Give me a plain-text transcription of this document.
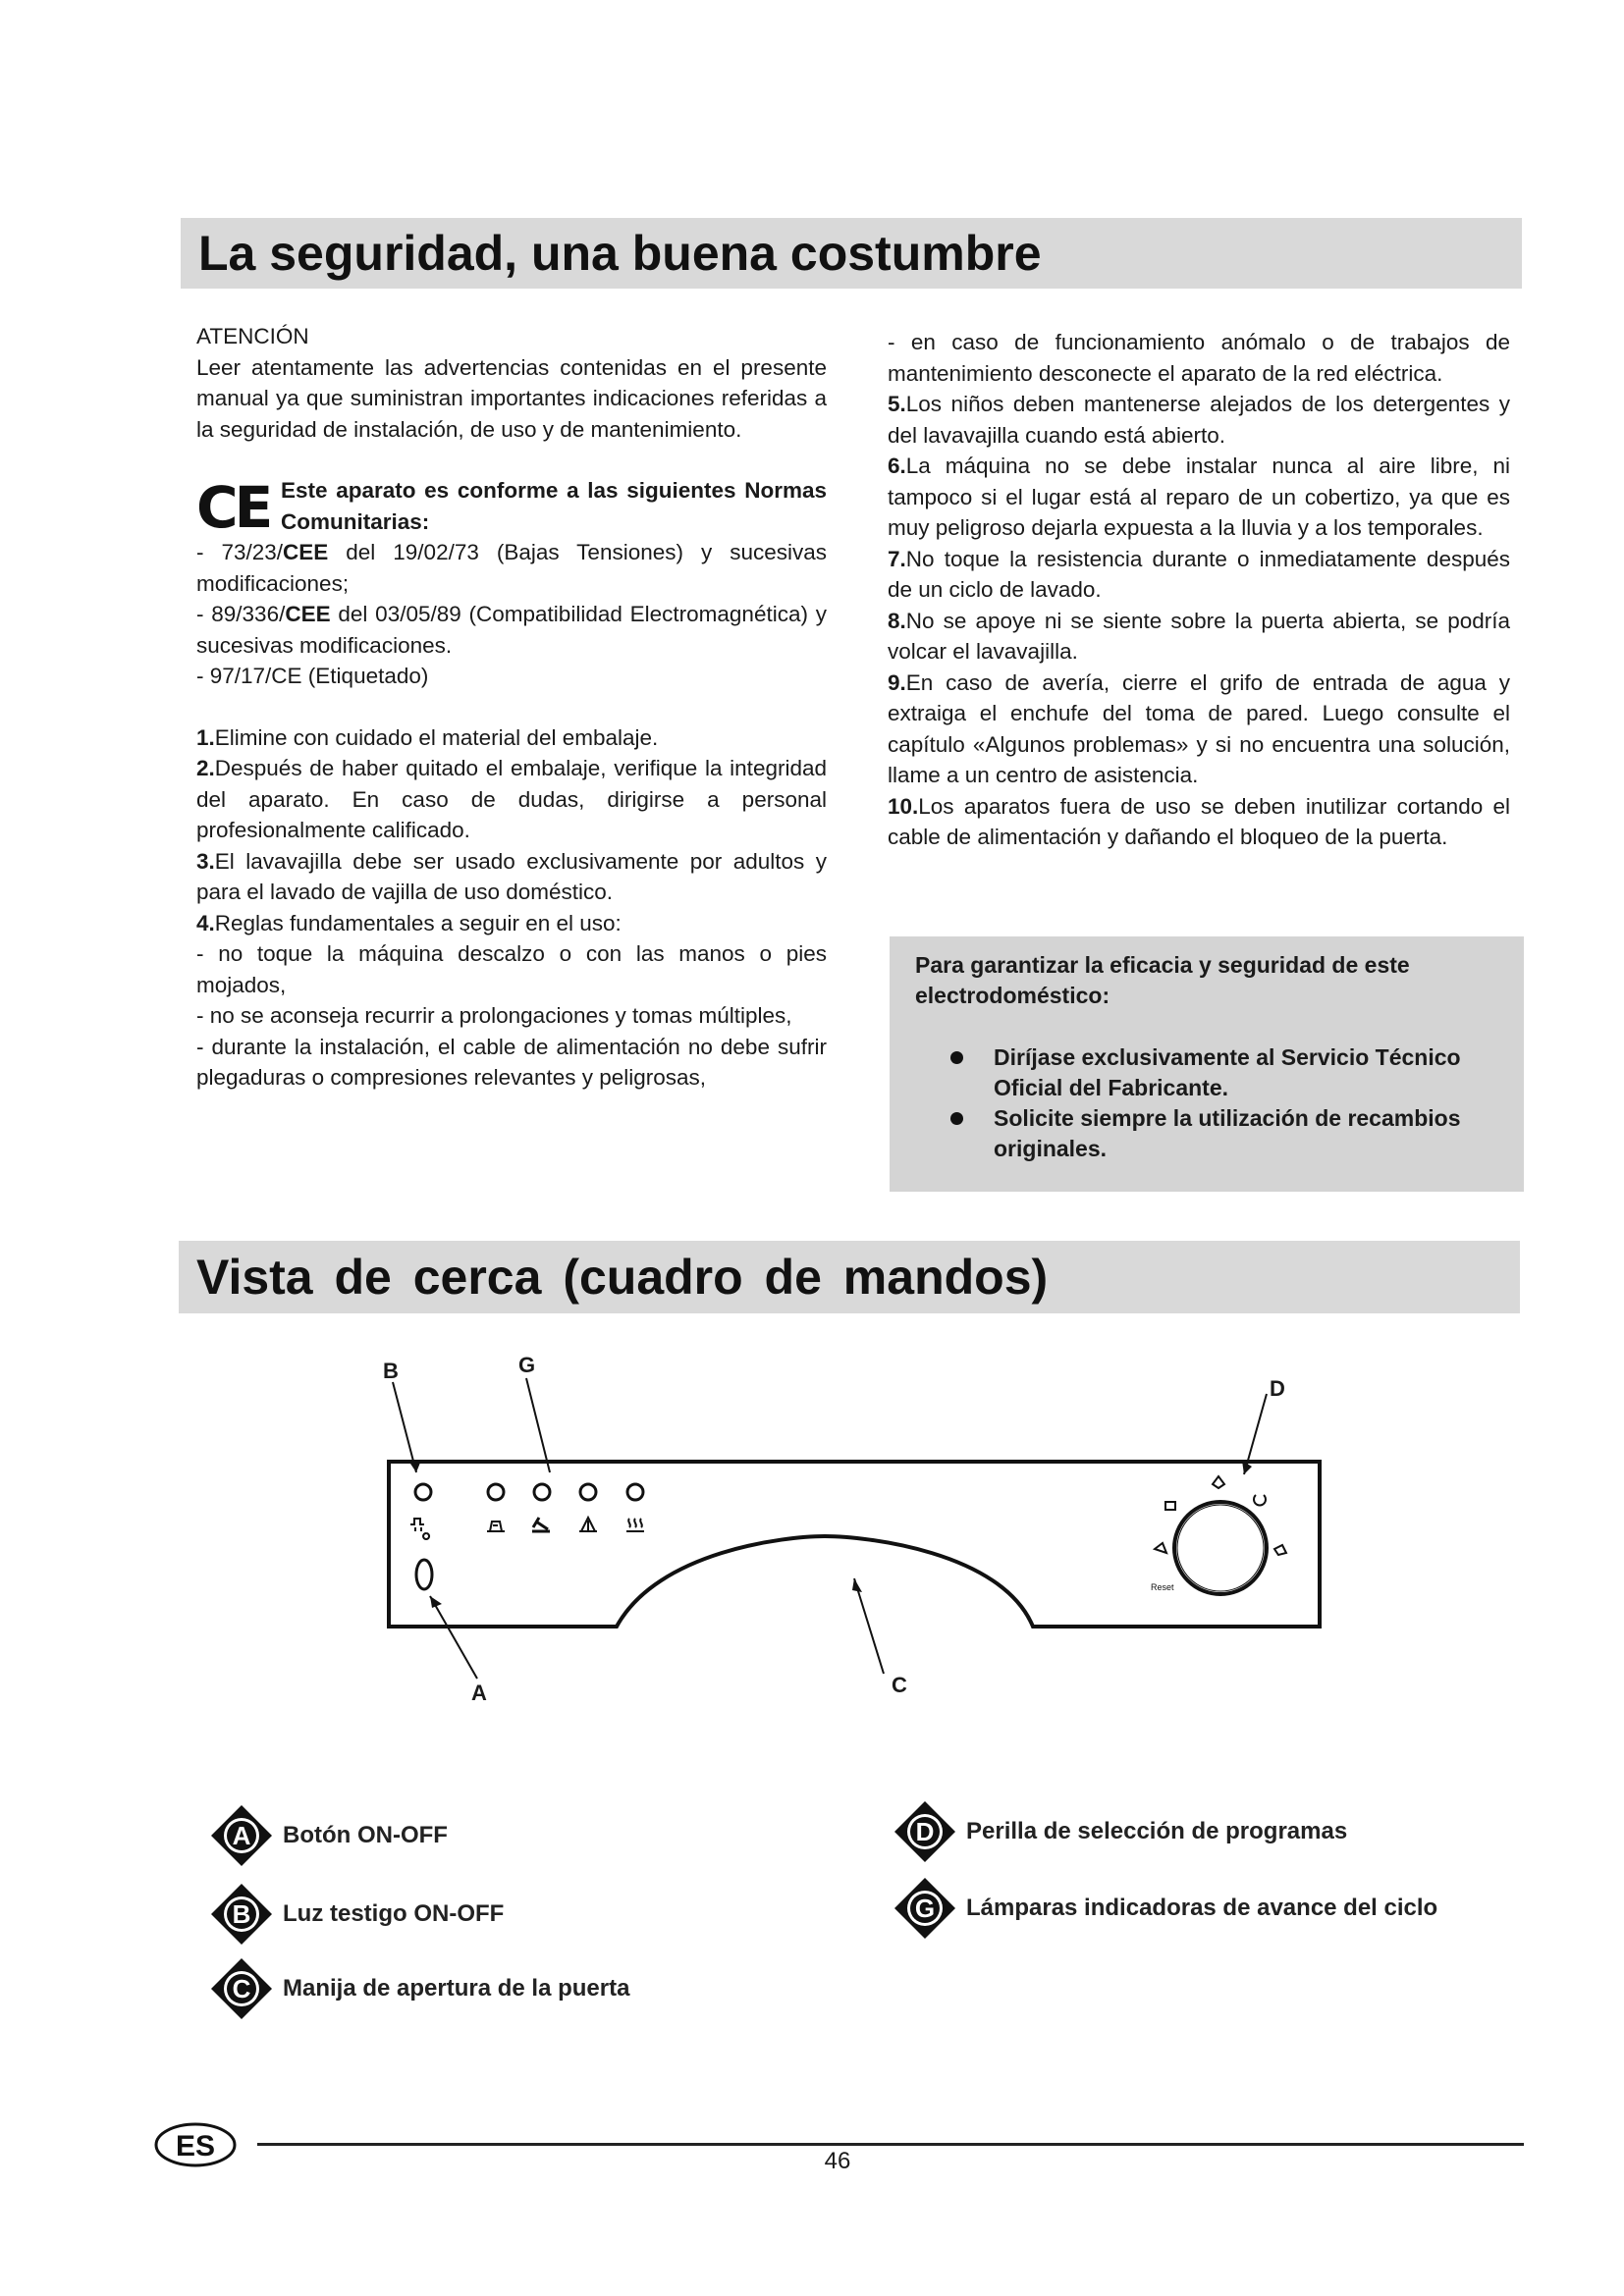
La seguridad, una buena costumbre

ATENCIÓN

Leer atentamente las advertencias contenidas en el presente manual ya que suministran importantes indicaciones referidas a la seguridad de instalación, de uso y de mantenimiento.

CE Este aparato es conforme a las siguientes Normas Comunitarias:

- 73/23/CEE del 19/02/73 (Bajas Tensiones) y sucesivas modificaciones;

- 89/336/CEE del 03/05/89 (Compatibilidad Electromagnética) y sucesivas modificaciones.

- 97/17/CE (Etiquetado)

1.Elimine con cuidado el material del embalaje.

2.Después de haber quitado el embalaje, verifique la integridad del aparato. En caso de dudas, dirigirse a personal profesionalmente calificado.

3.El lavavajilla debe ser usado exclusivamente por adultos y para el lavado de vajilla de uso doméstico.

4.Reglas fundamentales a seguir en el uso:

- no toque la máquina descalzo o con las manos o pies mojados,

- no se aconseja recurrir a prolongaciones y tomas múltiples,

- durante la instalación, el cable de alimentación no debe sufrir plegaduras o compresiones relevantes y peligrosas,

- en caso de funcionamiento anómalo o de trabajos de mantenimiento desconecte el aparato de la red eléctrica.

5.Los niños deben mantenerse alejados de los detergentes y del lavavajilla cuando está abierto.

6.La máquina no se debe instalar nunca al aire libre, ni tampoco si el lugar está al reparo de un cobertizo, ya que es muy peligroso dejarla expuesta a la lluvia y a los temporales.

7.No toque la resistencia durante o inmediatamente después de un ciclo de lavado.

8.No se apoye ni se siente sobre la puerta abierta, se podría volcar el lavavajilla.

9.En caso de avería, cierre el grifo de entrada de agua y extraiga el enchufe del toma de pared. Luego consulte el capítulo «Algunos problemas» y si no encuentra una solución, llame a un centro de asistencia.

10.Los aparatos fuera de uso se deben inutilizar cortando el cable de alimentación y dañando el bloqueo de la puerta.

Para garantizar la eficacia y seguridad de este electrodoméstico:
Diríjase exclusivamente al Servicio Técnico Oficial del Fabricante.
Solicite siempre la utilización de recambios originales.
Vista de cerca (cuadro de mandos)
Reset
B	G
D
A	C
A Botón ON-OFF
B Luz testigo ON-OFF
C Manija de apertura de la puerta
D Perilla de selección de programas
G Lámparas indicadoras de avance del ciclo
ES	46
